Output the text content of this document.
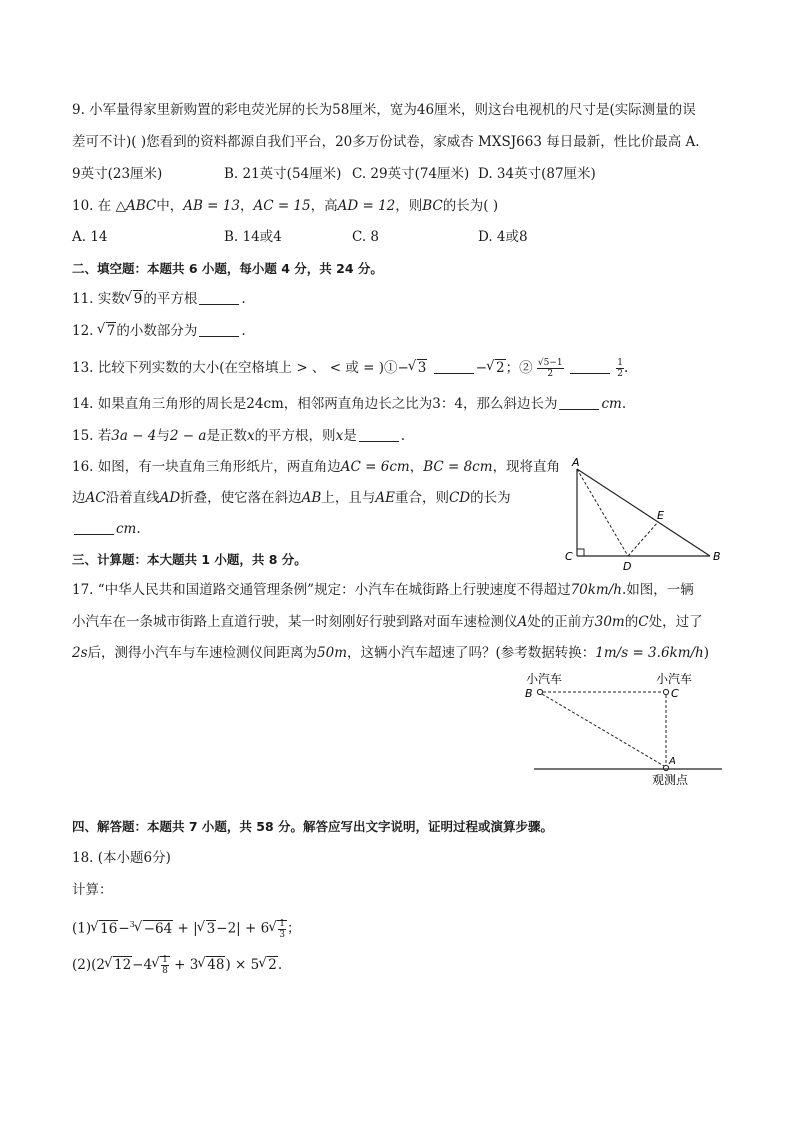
9. 小军量得家里新购置的彩电荧光屏的长为58厘米，宽为46厘米，则这台电视机的尺寸是(实际测量的误
差可不计)( )您看到的资料都源自我们平台，20多万份试卷，家威杏 MXSJ663 每日最新，性比价最高 A.
9英寸(23厘米)	B. 21英寸(54厘米) C. 29英寸(74厘米) D. 34英寸(87厘米)
10. 在 △ABC中，AB = 13，AC = 15，高AD = 12，则BC的长为( )
A. 14	B. 14或4	C. 8	D. 4或8
二、填空题：本题共 6 小题，每小题 4 分，共 24 分。
11. 实数√ 9的平方根	.
12. √ 7的小数部分为	.
13. 比较下列实数的大小(在空格填上 > 、 < 或 = )①−√ 3	−√ 2；② $\frac{√5-1}{2}$
	$\frac{1}{2}$ .
14. 如果直角三角形的周长是24cm，相邻两直角边长之比为3：4，那么斜边长为	cm.
15. 若3a − 4与2 − a是正数x的平方根，则x是	.
16. 如图，有一块直角三角形纸片，两直角边AC = 6cm，BC = 8cm，现将直角
边AC沿着直线AD折叠，使它落在斜边AB上，且与AE重合，则CD的长为
cm.
A
B
C
D
E
三、计算题：本大题共 1 小题，共 8 分。
17. “中华人民共和国道路交通管理条例”规定：小汽车在城街路上行驶速度不得超过70km/h.如图，一辆
小汽车在一条城市街路上直道行驶，某一时刻刚好行驶到路对面车速检测仪A处的正前方30m的C处，过了
2s后，测得小汽车与车速检测仪间距离为50m，这辆小汽车超速了吗？(参考数据转换：1m/s = 3.6km/h)
小汽车	小汽车
B	C
A
观测点
四、解答题：本题共 7 小题，共 58 分。解答应写出文字说明，证明过程或演算步骤。
18. (本小题6分)
计算：
(1)√ 16−$^3$√ −64 + |√ 3−2| + 6
√ $\frac{1}{3}$ ；
(2)(2√ 12−4
√ $\frac{1}{8} + 3√$ 48) × 5√ 2.
